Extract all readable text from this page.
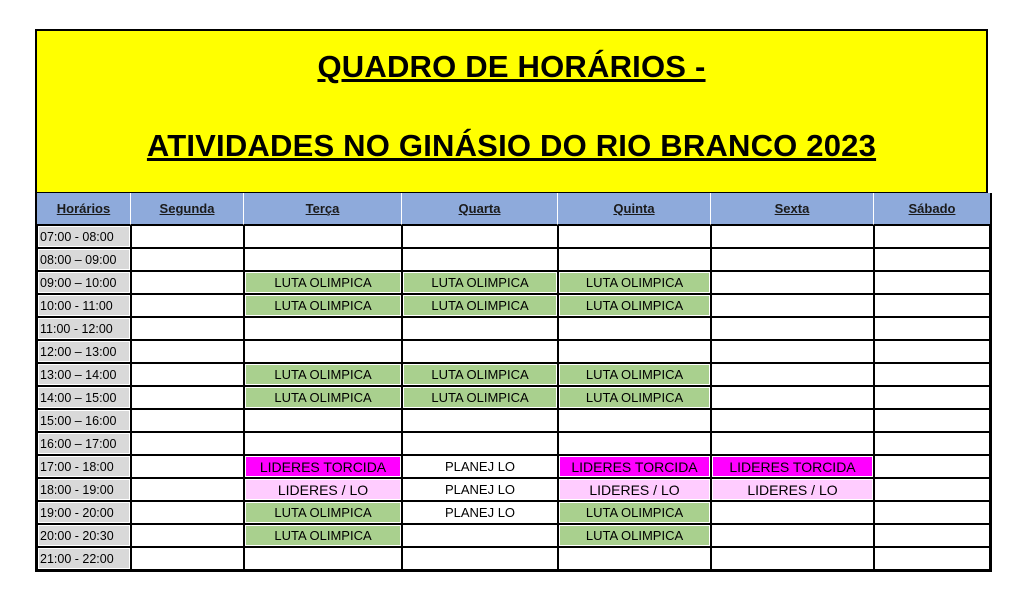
QUADRO DE HORÁRIOS -
ATIVIDADES NO GINÁSIO DO RIO BRANCO 2023
Horários	Segunda	Terça	Quarta	Quinta	Sexta	Sábado
07:00 - 08:00						
08:00 – 09:00						
09:00 – 10:00		LUTA OLIMPICA	LUTA OLIMPICA	LUTA OLIMPICA		
10:00 - 11:00		LUTA OLIMPICA	LUTA OLIMPICA	LUTA OLIMPICA		
11:00 - 12:00						
12:00 – 13:00						
13:00 – 14:00		LUTA OLIMPICA	LUTA OLIMPICA	LUTA OLIMPICA		
14:00 – 15:00		LUTA OLIMPICA	LUTA OLIMPICA	LUTA OLIMPICA		
15:00 – 16:00						
16:00 – 17:00						
17:00 - 18:00		LIDERES TORCIDA	PLANEJ LO	LIDERES TORCIDA	LIDERES TORCIDA	
18:00 - 19:00		LIDERES / LO	PLANEJ LO	LIDERES / LO	LIDERES / LO	
19:00 - 20:00		LUTA OLIMPICA	PLANEJ LO	LUTA OLIMPICA		
20:00 - 20:30		LUTA OLIMPICA		LUTA OLIMPICA		
21:00 - 22:00						
